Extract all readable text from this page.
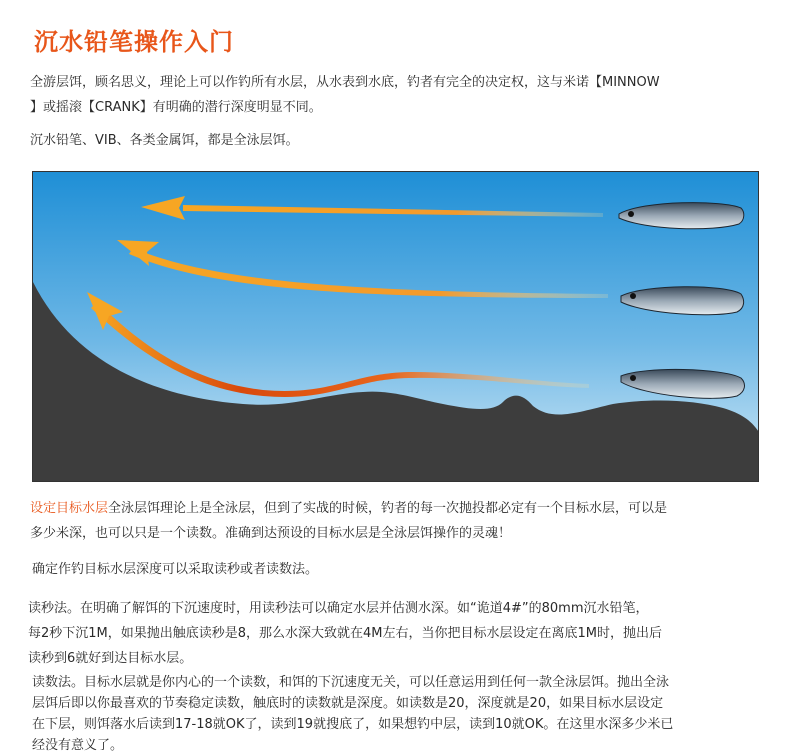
沉水铅笔操作入门

全游层饵，顾名思义，理论上可以作钓所有水层，从水表到水底，钓者有完全的决定权，这与米诺【MINNOW
】或摇滚【CRANK】有明确的潜行深度明显不同。

沉水铅笔、VIB、各类金属饵，都是全泳层饵。

设定目标水层全泳层饵理论上是全泳层，但到了实战的时候，钓者的每一次抛投都必定有一个目标水层，可以是
多少米深，也可以只是一个读数。准确到达预设的目标水层是全泳层饵操作的灵魂！

确定作钓目标水层深度可以采取读秒或者读数法。

读秒法。在明确了解饵的下沉速度时，用读秒法可以确定水层并估测水深。如“诡道4#”的80mm沉水铅笔，
每2秒下沉1M，如果抛出触底读秒是8，那么水深大致就在4M左右，当你把目标水层设定在离底1M时，抛出后
读秒到6就好到达目标水层。

读数法。目标水层就是你内心的一个读数，和饵的下沉速度无关，可以任意运用到任何一款全泳层饵。抛出全泳
层饵后即以你最喜欢的节奏稳定读数，触底时的读数就是深度。如读数是20，深度就是20，如果目标水层设定
在下层，则饵落水后读到17-18就OK了，读到19就搜底了，如果想钓中层，读到10就OK。在这里水深多少米已
经没有意义了。
